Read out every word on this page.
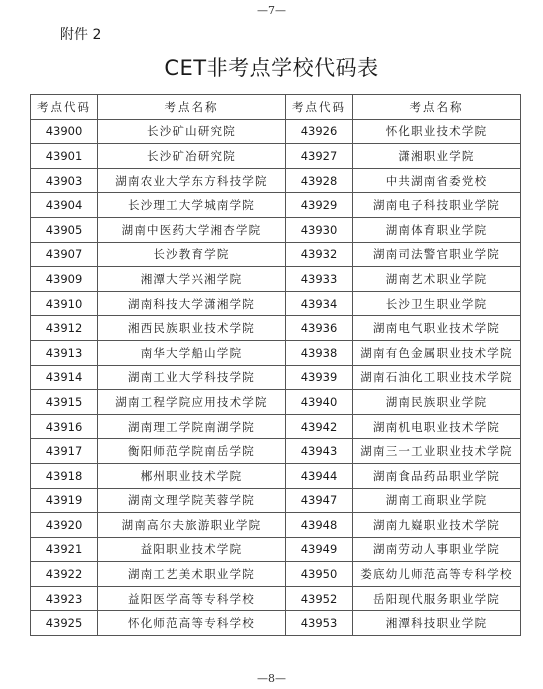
—7—
附件 2
CET非考点学校代码表
考点代码	考点名称	考点代码	考点名称
43900	长沙矿山研究院	43926	怀化职业技术学院
43901	长沙矿冶研究院	43927	潇湘职业学院
43903	湖南农业大学东方科技学院	43928	中共湖南省委党校
43904	长沙理工大学城南学院	43929	湖南电子科技职业学院
43905	湖南中医药大学湘杏学院	43930	湖南体育职业学院
43907	长沙教育学院	43932	湖南司法警官职业学院
43909	湘潭大学兴湘学院	43933	湖南艺术职业学院
43910	湖南科技大学潇湘学院	43934	长沙卫生职业学院
43912	湘西民族职业技术学院	43936	湖南电气职业技术学院
43913	南华大学船山学院	43938	湖南有色金属职业技术学院
43914	湖南工业大学科技学院	43939	湖南石油化工职业技术学院
43915	湖南工程学院应用技术学院	43940	湖南民族职业学院
43916	湖南理工学院南湖学院	43942	湖南机电职业技术学院
43917	衡阳师范学院南岳学院	43943	湖南三一工业职业技术学院
43918	郴州职业技术学院	43944	湖南食品药品职业学院
43919	湖南文理学院芙蓉学院	43947	湖南工商职业学院
43920	湖南高尔夫旅游职业学院	43948	湖南九嶷职业技术学院
43921	益阳职业技术学院	43949	湖南劳动人事职业学院
43922	湖南工艺美术职业学院	43950	娄底幼儿师范高等专科学校
43923	益阳医学高等专科学校	43952	岳阳现代服务职业学院
43925	怀化师范高等专科学校	43953	湘潭科技职业学院
—8—
